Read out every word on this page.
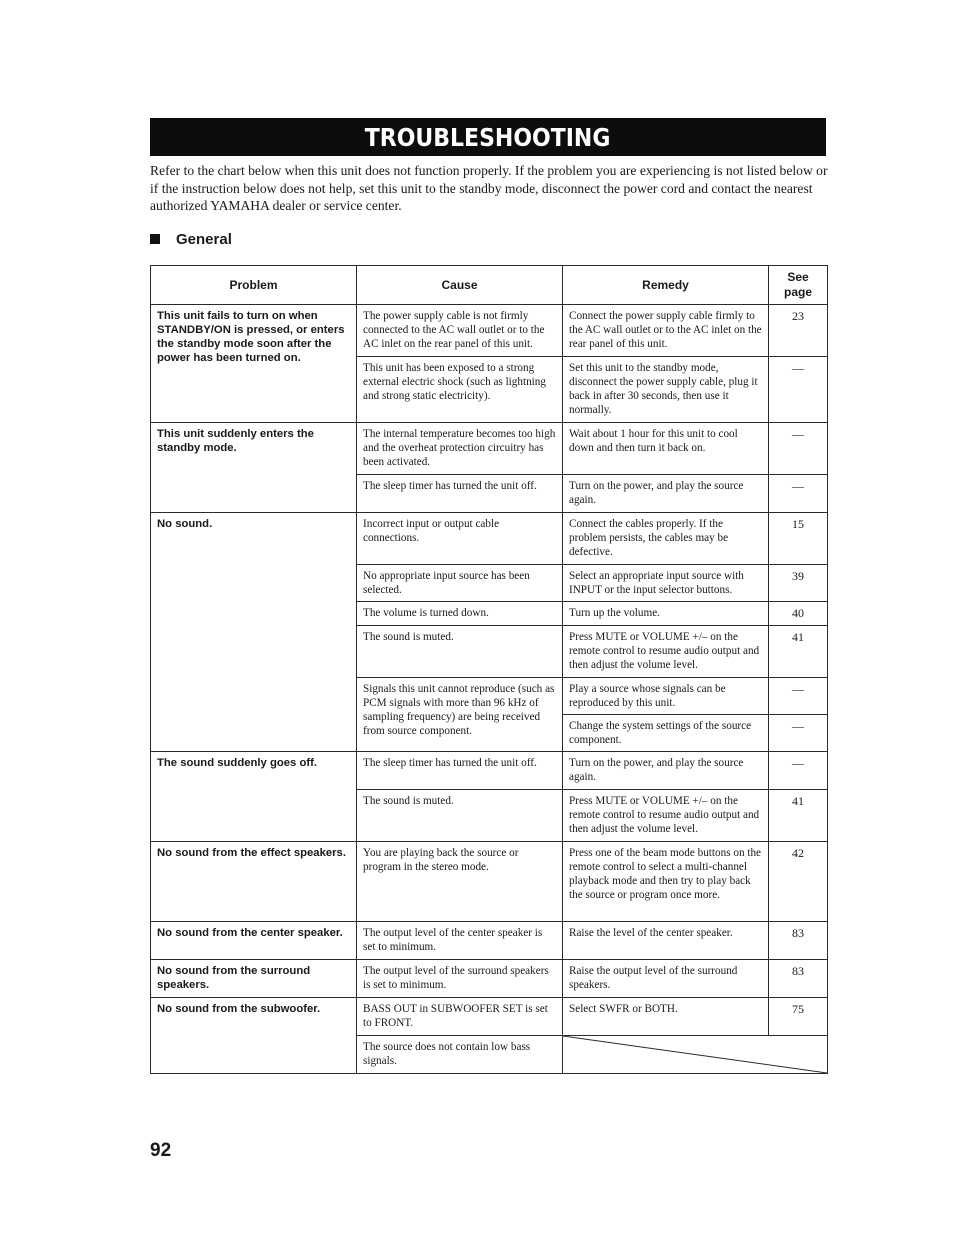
TROUBLESHOOTING

Refer to the chart below when this unit does not function properly. If the problem you are experiencing is not listed below or if the instruction below does not help, set this unit to the standby mode, disconnect the power cord and contact the nearest authorized YAMAHA dealer or service center.

General
Problem	Cause	Remedy	See page
This unit fails to turn on when STANDBY/ON is pressed, or enters the standby mode soon after the power has been turned on.	The power supply cable is not firmly connected to the AC wall outlet or to the AC inlet on the rear panel of this unit.	Connect the power supply cable firmly to the AC wall outlet or to the AC inlet on the rear panel of this unit.	23
	This unit has been exposed to a strong external electric shock (such as lightning and strong static electricity).	Set this unit to the standby mode, disconnect the power supply cable, plug it back in after 30 seconds, then use it normally.	—
This unit suddenly enters the standby mode.	The internal temperature becomes too high and the overheat protection circuitry has been activated.	Wait about 1 hour for this unit to cool down and then turn it back on.	—
	The sleep timer has turned the unit off.	Turn on the power, and play the source again.	—
No sound.	Incorrect input or output cable connections.	Connect the cables properly. If the problem persists, the cables may be defective.	15
	No appropriate input source has been selected.	Select an appropriate input source with INPUT or the input selector buttons.	39
	The volume is turned down.	Turn up the volume.	40
	The sound is muted.	Press MUTE or VOLUME +/– on the remote control to resume audio output and then adjust the volume level.	41
	Signals this unit cannot reproduce (such as PCM signals with more than 96 kHz of sampling frequency) are being received from source component.	Play a source whose signals can be reproduced by this unit.	—
		Change the system settings of the source component.	—
The sound suddenly goes off.	The sleep timer has turned the unit off.	Turn on the power, and play the source again.	—
	The sound is muted.	Press MUTE or VOLUME +/– on the remote control to resume audio output and then adjust the volume level.	41
No sound from the effect speakers.	You are playing back the source or program in the stereo mode.	Press one of the beam mode buttons on the remote control to select a multi-channel playback mode and then try to play back the source or program once more.	42
No sound from the center speaker.	The output level of the center speaker is set to minimum.	Raise the level of the center speaker.	83
No sound from the surround speakers.	The output level of the surround speakers is set to minimum.	Raise the output level of the surround speakers.	83
No sound from the subwoofer.	BASS OUT in SUBWOOFER SET is set to FRONT.	Select SWFR or BOTH.	75
	The source does not contain low bass signals.	
92
